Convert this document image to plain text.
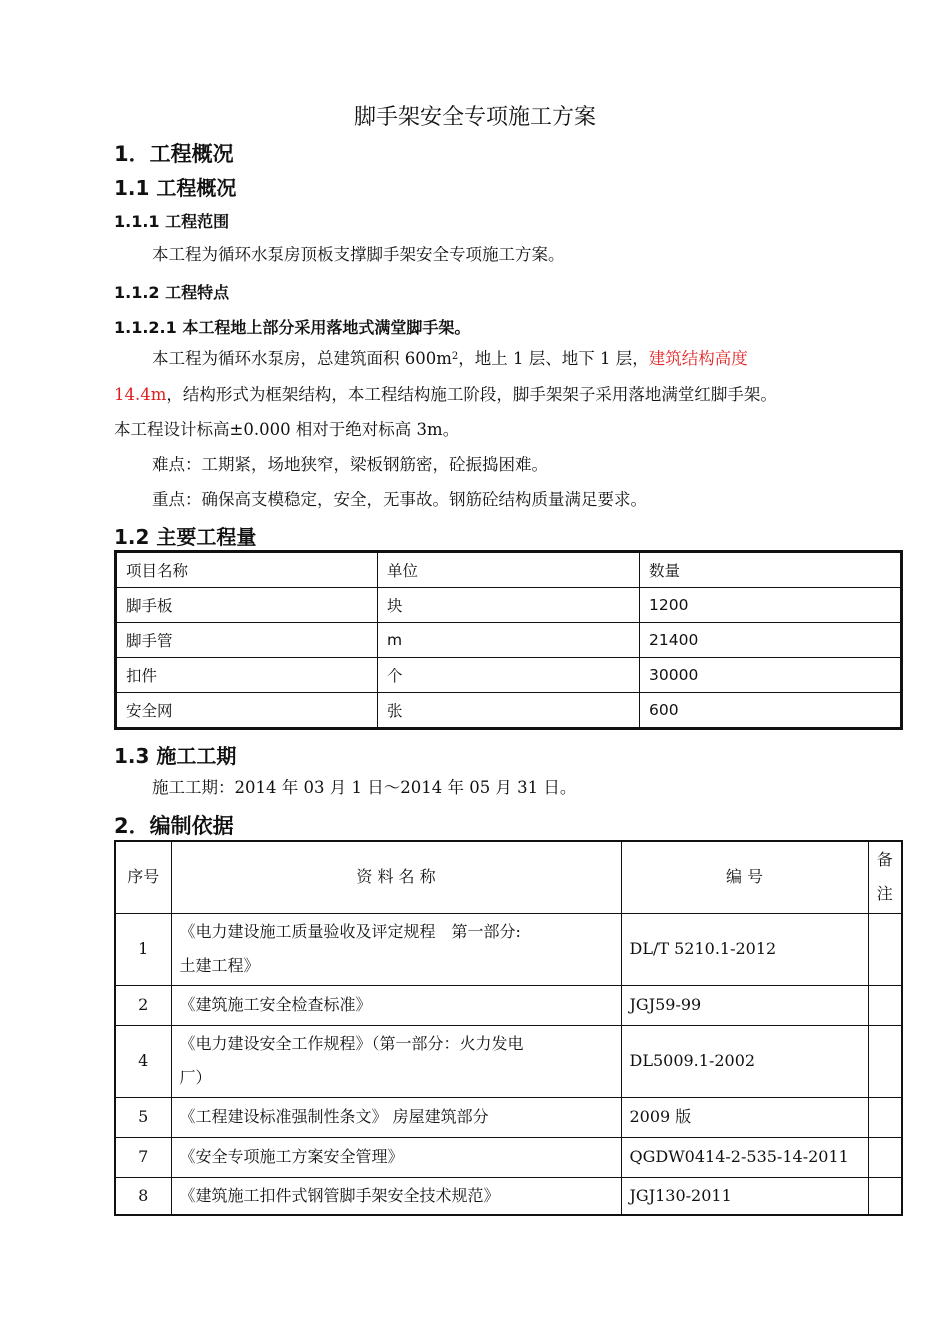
脚手架安全专项施工方案
1．工程概况
1.1 工程概况
1.1.1 工程范围
本工程为循环水泵房顶板支撑脚手架安全专项施工方案。
1.1.2 工程特点
1.1.2.1 本工程地上部分采用落地式满堂脚手架。
本工程为循环水泵房，总建筑面积 $600m^2$，地上 1 层、地下 1 层，建筑结构高度
14.4m，结构形式为框架结构，本工程结构施工阶段，脚手架架子采用落地满堂红脚手架。
本工程设计标高±0.000 相对于绝对标高 3m。
难点：工期紧，场地狭窄，梁板钢筋密，砼振捣困难。
重点：确保高支模稳定，安全，无事故。钢筋砼结构质量满足要求。
1.2 主要工程量
项目名称	单位	数量
脚手板	块	1200
脚手管	m	21400
扣件	个	30000
安全网	张	600
1.3 施工工期
施工工期：2014 年 03 月 1 日～2014 年 05 月 31 日。
2．编制依据
序号	资 料 名 称	编 号	备
注

1	《电力建设施工质量验收及评定规程　第一部分:
土建工程》	DL/T 5210.1-2012	
2	《建筑施工安全检查标准》	JGJ59-99	
4	《电力建设安全工作规程》（第一部分：火力发电
厂）	DL5009.1-2002	
5	《工程建设标准强制性条文》 房屋建筑部分	2009 版	
7	《安全专项施工方案安全管理》	QGDW0414-2-535-14-2011	
8	《建筑施工扣件式钢管脚手架安全技术规范》	JGJ130-2011	
